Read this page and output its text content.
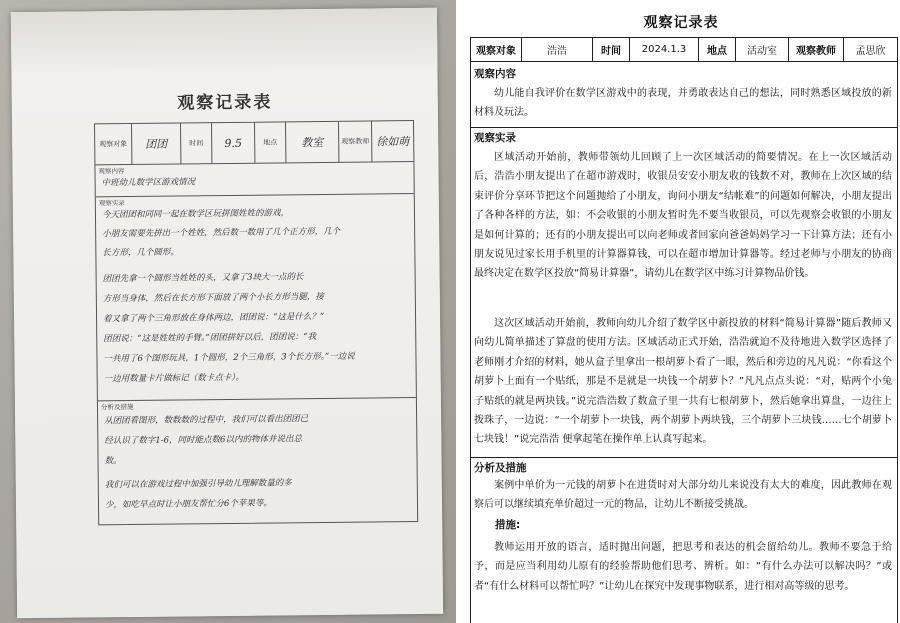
观察记录表
观察对象	团团	时间	9.5	地点	教室	观察教师 徐如萌
观察内容
中班幼儿数学区游戏情况
观察实录
今天团团和同同一起在数学区玩拼图姓姓的游戏，
小朋友需要先拼出一个姓姓，然后数一数用了几个正方形，几个
长方形，几个圆形。
团团先拿一个圆形当姓姓的头，又拿了3块大一点的长
方形当身体，然后在长方形下面放了两个小长方形当腿，接
着又拿了两个三角形放在身体两边，团团说：“这是什么？”
团团说：“这是姓姓的手臂。”团团拼好以后，团团说：“我
一共用了6个图形玩具，1个圆形，2个三角形，3个长方形。”一边说
一边用数量卡片做标记（数卡点卡）。
分析及措施
从团团看图形，数数数的过程中，我们可以看出团团已
经认识了数字1-6，同时能点数6以内的物体并说出总
数。
我们可以在游戏过程中加强引导幼儿理解数量的多
少，如吃早点时让小朋友帮忙分6个苹果等。
观察记录表
观察对象	浩浩	时间	2024.1.3	地点	活动室	观察教师	孟思欣
观察内容
幼儿能自我评价在数学区游戏中的表现，并勇敢表达自己的想法，同时熟悉区域投放的新材料及玩法。
观察实录
区域活动开始前，教师带领幼儿回顾了上一次区域活动的简要情况。在上一次区域活动后，浩浩小朋友提出了在超市游戏时，收银员安安小朋友收的钱数不对，教师在上次区域的结束评价分享环节把这个问题抛给了小朋友，询问小朋友“结帐难”的问题如何解决，小朋友提出了各种各样的方法，如：不会收银的小朋友暂时先不要当收银员，可以先观察会收银的小朋友是如何计算的；还有的小朋友提出可以向老师或者回家向爸爸妈妈学习一下计算方法；还有小朋友说见过家长用手机里的计算器算钱，可以在超市增加计算器等。经过老师与小朋友的协商最终决定在数学区投放“简易计算器”，请幼儿在数学区中练习计算物品价钱。
这次区域活动开始前，教师向幼儿介绍了数学区中新投放的材料“简易计算器”随后教师又向幼儿简单描述了算盘的使用方法。区域活动正式开始，浩浩就迫不及待地进入数学区选择了老师刚才介绍的材料，她从盒子里拿出一根胡萝卜看了一眼，然后和旁边的凡凡说：“你看这个胡萝卜上面有一个贴纸，那是不是就是一块钱一个胡萝卜？”凡凡点点头说：“对，贴两个小兔子贴纸的就是两块钱。”说完浩浩数了数盒子里一共有七根胡萝卜，然后她拿出算盘，一边往上拨珠子，一边说：“一个胡萝卜一块钱，两个胡萝卜两块钱，三个胡萝卜三块钱……七个胡萝卜七块钱！”说完浩浩 便拿起笔在操作单上认真写起来。
分析及措施
案例中单价为一元钱的胡萝卜在进货时对大部分幼儿来说没有太大的难度，因此教师在观察后可以继续填充单价超过一元的物品，让幼儿不断接受挑战。
措施:
教师运用开放的语言，适时抛出问题，把思考和表达的机会留给幼儿。教师不要急于给予，而是应当利用幼儿原有的经验帮助他们思考、辨析。如：“有什么办法可以解决吗？”或者“有什么材料可以帮忙吗？”让幼儿在探究中发现事物联系，进行相对高等级的思考。
